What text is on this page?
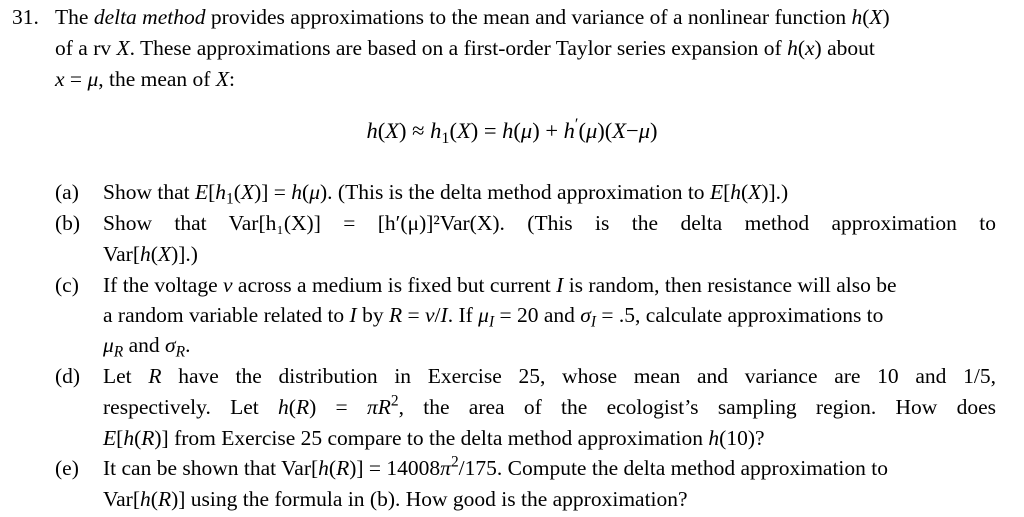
31. The delta method provides approximations to the mean and variance of a nonlinear function h(X)
of a rv X. These approximations are based on a first-order Taylor series expansion of h(x) about
x = μ, the mean of X:
$h(X) \approx h_1(X) = h(\mu) + h'(\mu)(X-\mu)$
(a) Show that $E[h_1(X)] = h(\mu)$. (This is the delta method approximation to E[h(X)].)
(b) Show that Var[h₁(X)] = [h′(μ)]²Var(X). (This is the delta method approximation to
Var[h(X)].)
(c) If the voltage v across a medium is fixed but current I is random, then resistance will also be
a random variable related to I by R = v/I. If $\mu_I = 20$ and $\sigma_I = .5$, calculate approximations to
$\mu_R$ and $\sigma_R$.
(d) Let R have the distribution in Exercise 25, whose mean and variance are 10 and 1/5,
respectively. Let $h(R) = \pi R^2$, the area of the ecologist’s sampling region. How does
E[h(R)] from Exercise 25 compare to the delta method approximation h(10)?
(e) It can be shown that $Var[h(R)] = 14008\pi^2/175$. Compute the delta method approximation to
Var[h(R)] using the formula in (b). How good is the approximation?
